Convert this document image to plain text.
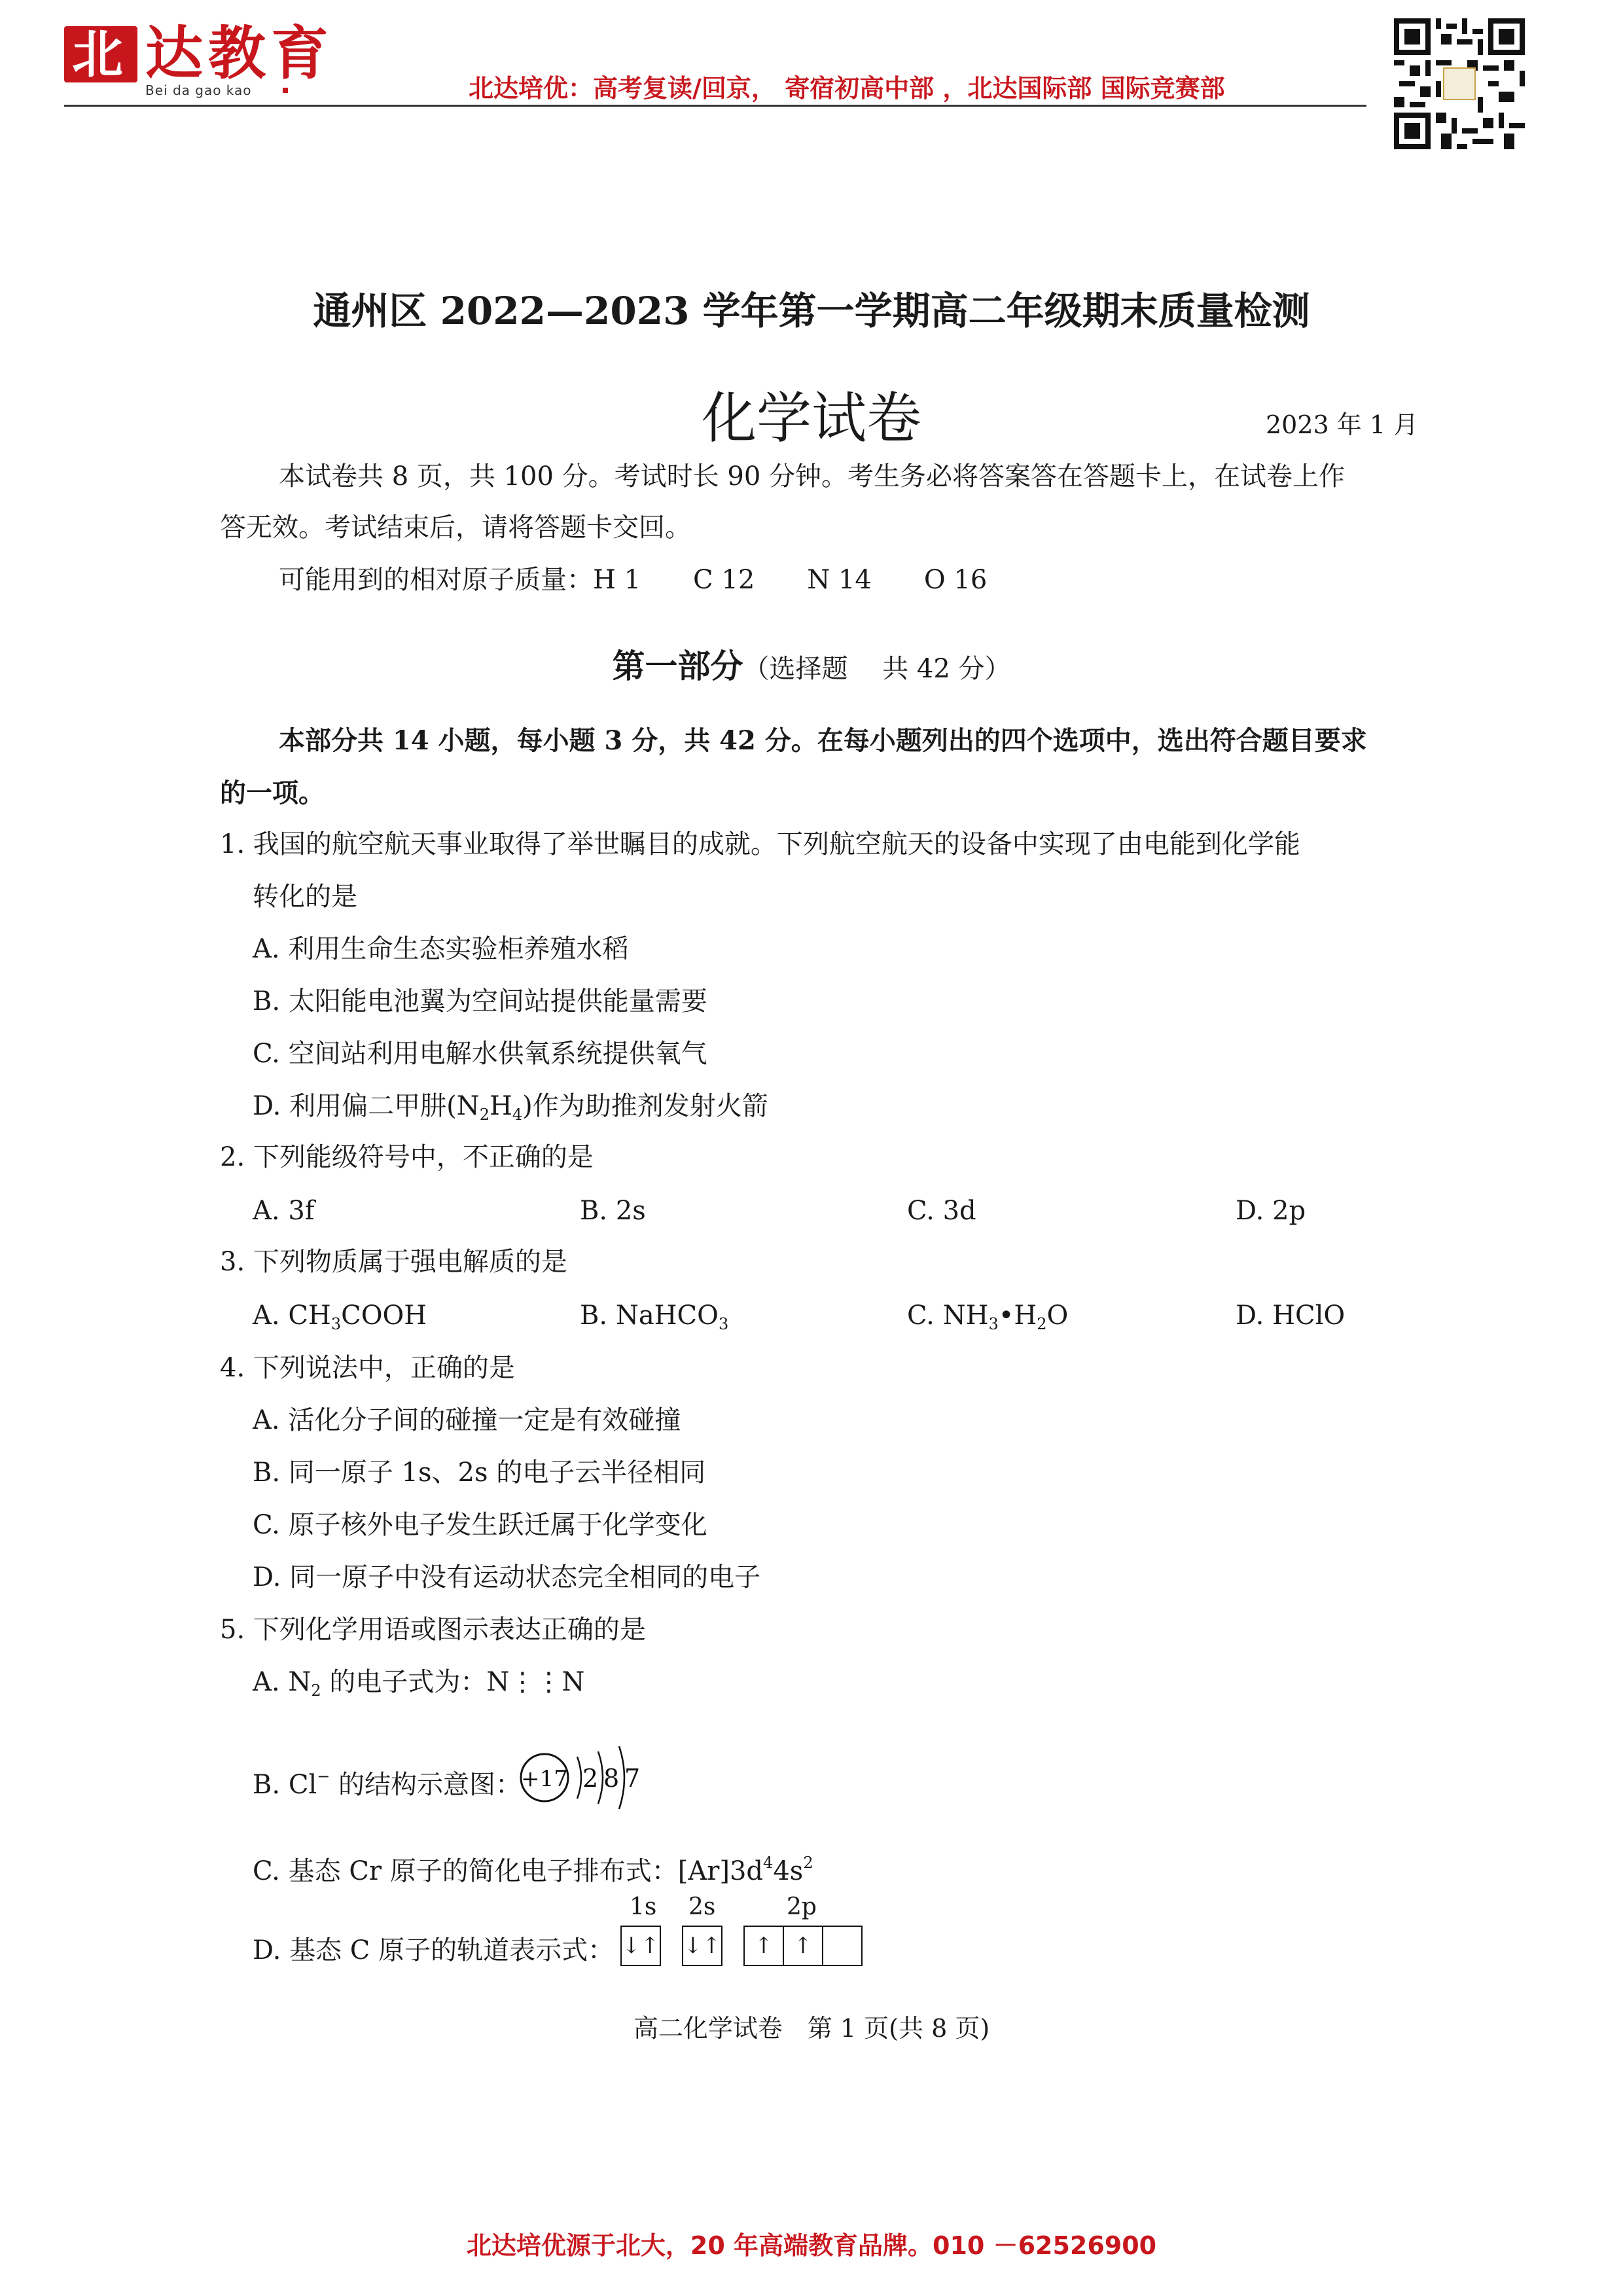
北 达教育
Bei da gao kao	北达培优：高考复读/回京， 寄宿初高中部 ，北达国际部 国际竞赛部
通州区 2022—2023 学年第一学期高二年级期末质量检测
化学试卷	2023 年 1 月
本试卷共 8 页，共 100 分。考试时长 90 分钟。考生务必将答案答在答题卡上，在试卷上作
答无效。考试结束后，请将答题卡交回。
可能用到的相对原子质量：H 1　　C 12　　N 14　　O 16
第一部分（选择题　 共 42 分）
本部分共 14 小题，每小题 3 分，共 42 分。在每小题列出的四个选项中，选出符合题目要求
的一项。
1. 我国的航空航天事业取得了举世瞩目的成就。下列航空航天的设备中实现了由电能到化学能
转化的是
A. 利用生命生态实验柜养殖水稻
B. 太阳能电池翼为空间站提供能量需要
C. 空间站利用电解水供氧系统提供氧气
D. 利用偏二甲肼$(N_2H_4)$作为助推剂发射火箭
2. 下列能级符号中，不正确的是
A. 3f	B. 2s	C. 3d	D. 2p
3. 下列物质属于强电解质的是
A. $CH_3COOH$	B. NaHCO$_3$	C. $NH_3•H_2O$	D. HClO
4. 下列说法中，正确的是
A. 活化分子间的碰撞一定是有效碰撞
B. 同一原子 1s、2s 的电子云半径相同
C. 原子核外电子发生跃迁属于化学变化
D. 同一原子中没有运动状态完全相同的电子
5. 下列化学用语或图示表达正确的是
A. $N_2$ 的电子式为：N⋮⋮N
B. Cl− 的结构示意图： +17 2 8 7
C. 基态 Cr 原子的简化电子排布式：$[Ar]3d^44s^2$
1s 2s	2p
D. 基态 C 原子的轨道表示式： ↓↑ ↓↑ ↑ ↑
高二化学试卷　第 1 页(共 8 页)
北达培优源于北大，20 年高端教育品牌。010 －62526900
